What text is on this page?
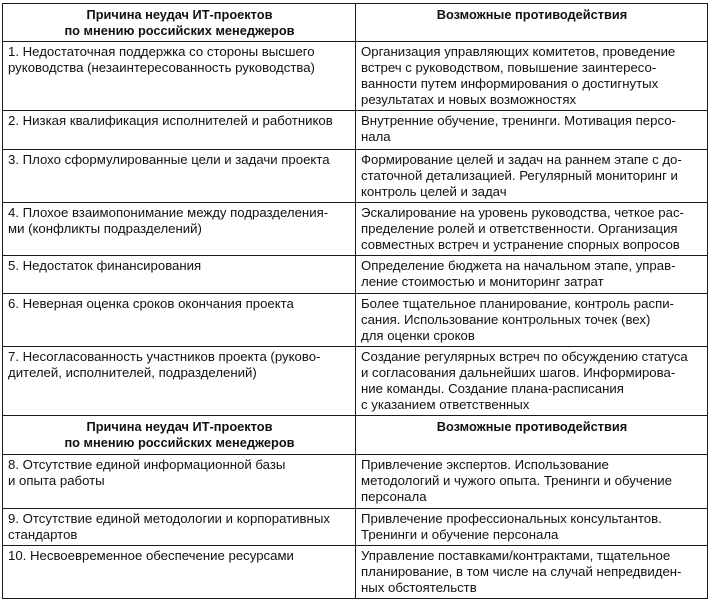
Причина неудач ИТ-проектов
по мнению российских менеджеров	Возможные противодействия

1. Недостаточная поддержка со стороны высшего
руководства (незаинтересованность руководства)	Организация управляющих комитетов, проведение
встреч с руководством, повышение заинтересо-
ванности путем информирования о достигнутых
результатах и новых возможностях

2. Низкая квалификация исполнителей и работников	Внутренние обучение, тренинги. Мотивация персо-
нала

3. Плохо сформулированные цели и задачи проекта	Формирование целей и задач на раннем этапе с до-
статочной детализацией. Регулярный мониторинг и
контроль целей и задач

4. Плохое взаимопонимание между подразделения-
ми (конфликты подразделений)	Эскалирование на уровень руководства, четкое рас-
пределение ролей и ответственности. Организация
совместных встреч и устранение спорных вопросов

5. Недостаток финансирования	Определение бюджета на начальном этапе, управ-
ление стоимостью и мониторинг затрат

6. Неверная оценка сроков окончания проекта	Более тщательное планирование, контроль распи-
сания. Использование контрольных точек (вех)
для оценки сроков

7. Несогласованность участников проекта (руково-
дителей, исполнителей, подразделений)	Создание регулярных встреч по обсуждению статуса
и согласования дальнейших шагов. Информирова-
ние команды. Создание плана-расписания
с указанием ответственных

Причина неудач ИТ-проектов
по мнению российских менеджеров	Возможные противодействия

8. Отсутствие единой информационной базы
и опыта работы	Привлечение экспертов. Использование
методологий и чужого опыта. Тренинги и обучение
персонала

9. Отсутствие единой методологии и корпоративных
стандартов	Привлечение профессиональных консультантов.
Тренинги и обучение персонала

10. Несвоевременное обеспечение ресурсами	Управление поставками/контрактами, тщательное
планирование, в том числе на случай непредвиден-
ных обстоятельств
